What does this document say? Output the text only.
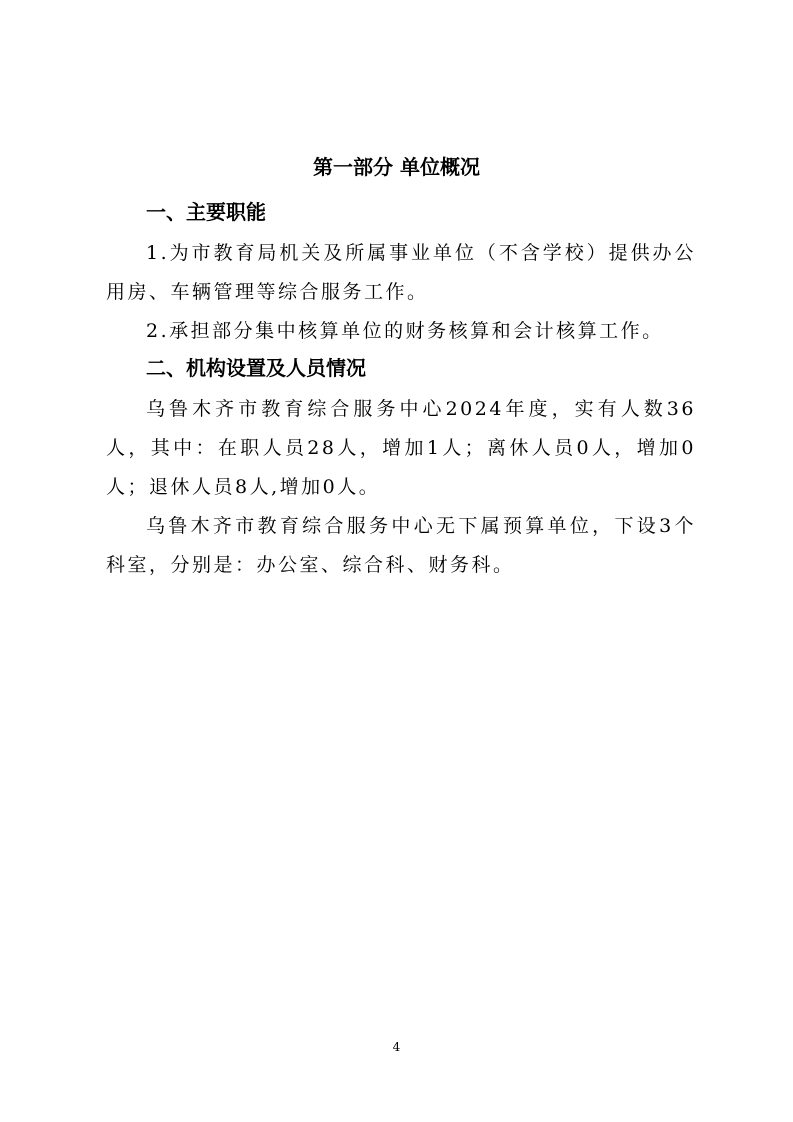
第一部分 单位概况
一、主要职能
1.为市教育局机关及所属事业单位（不含学校）提供办公用房、车辆管理等综合服务工作。
2.承担部分集中核算单位的财务核算和会计核算工作。
二、机构设置及人员情况
乌鲁木齐市教育综合服务中心2024年度，实有人数36人，其中：在职人员28人，增加1人；离休人员0人，增加0人；退休人员8人,增加0人。
乌鲁木齐市教育综合服务中心无下属预算单位，下设3个科室，分别是：办公室、综合科、财务科。
4
